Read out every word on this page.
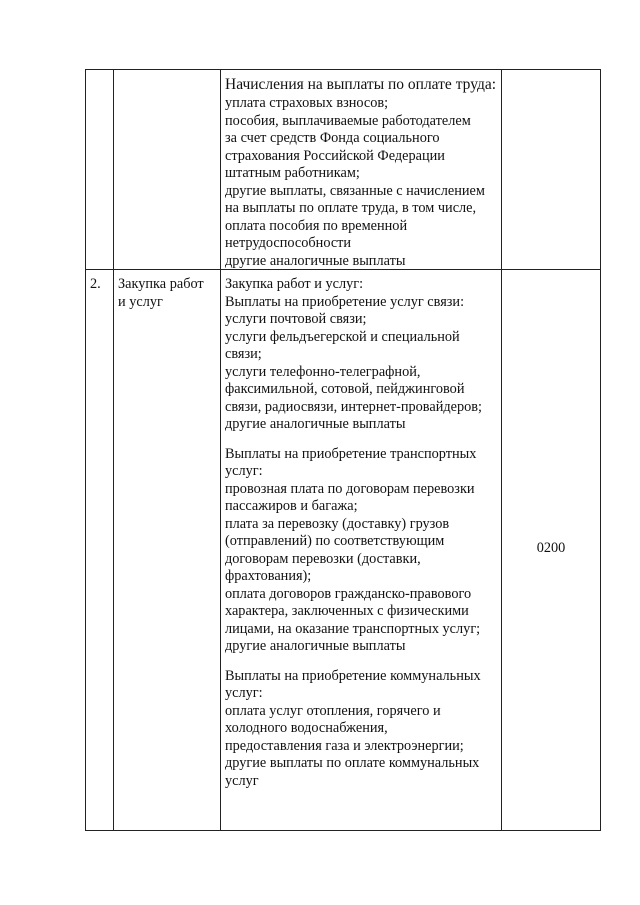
Начисления на выплаты по оплате труда:

уплата страховых взносов;

пособия, выплачиваемые работодателем

за счет средств Фонда социального

страхования Российской Федерации

штатным работникам;

другие выплаты, связанные с начислением

на выплаты по оплате труда, в том числе,

оплата пособия по временной

нетрудоспособности

другие аналогичные выплаты

2. Закупка работ

и услуг

Закупка работ и услуг:

Выплаты на приобретение услуг связи:

услуги почтовой связи;

услуги фельдъегерской и специальной

связи;

услуги телефонно-телеграфной,

факсимильной, сотовой, пейджинговой

связи, радиосвязи, интернет-провайдеров;

другие аналогичные выплаты

Выплаты на приобретение транспортных

услуг:

провозная плата по договорам перевозки

пассажиров и багажа;

плата за перевозку (доставку) грузов

(отправлений) по соответствующим

договорам перевозки (доставки,

фрахтования);

оплата договоров гражданско-правового

характера, заключенных с физическими

лицами, на оказание транспортных услуг;

другие аналогичные выплаты

Выплаты на приобретение коммунальных

услуг:

оплата услуг отопления, горячего и

холодного водоснабжения,

предоставления газа и электроэнергии;

другие выплаты по оплате коммунальных

услуг

0200
